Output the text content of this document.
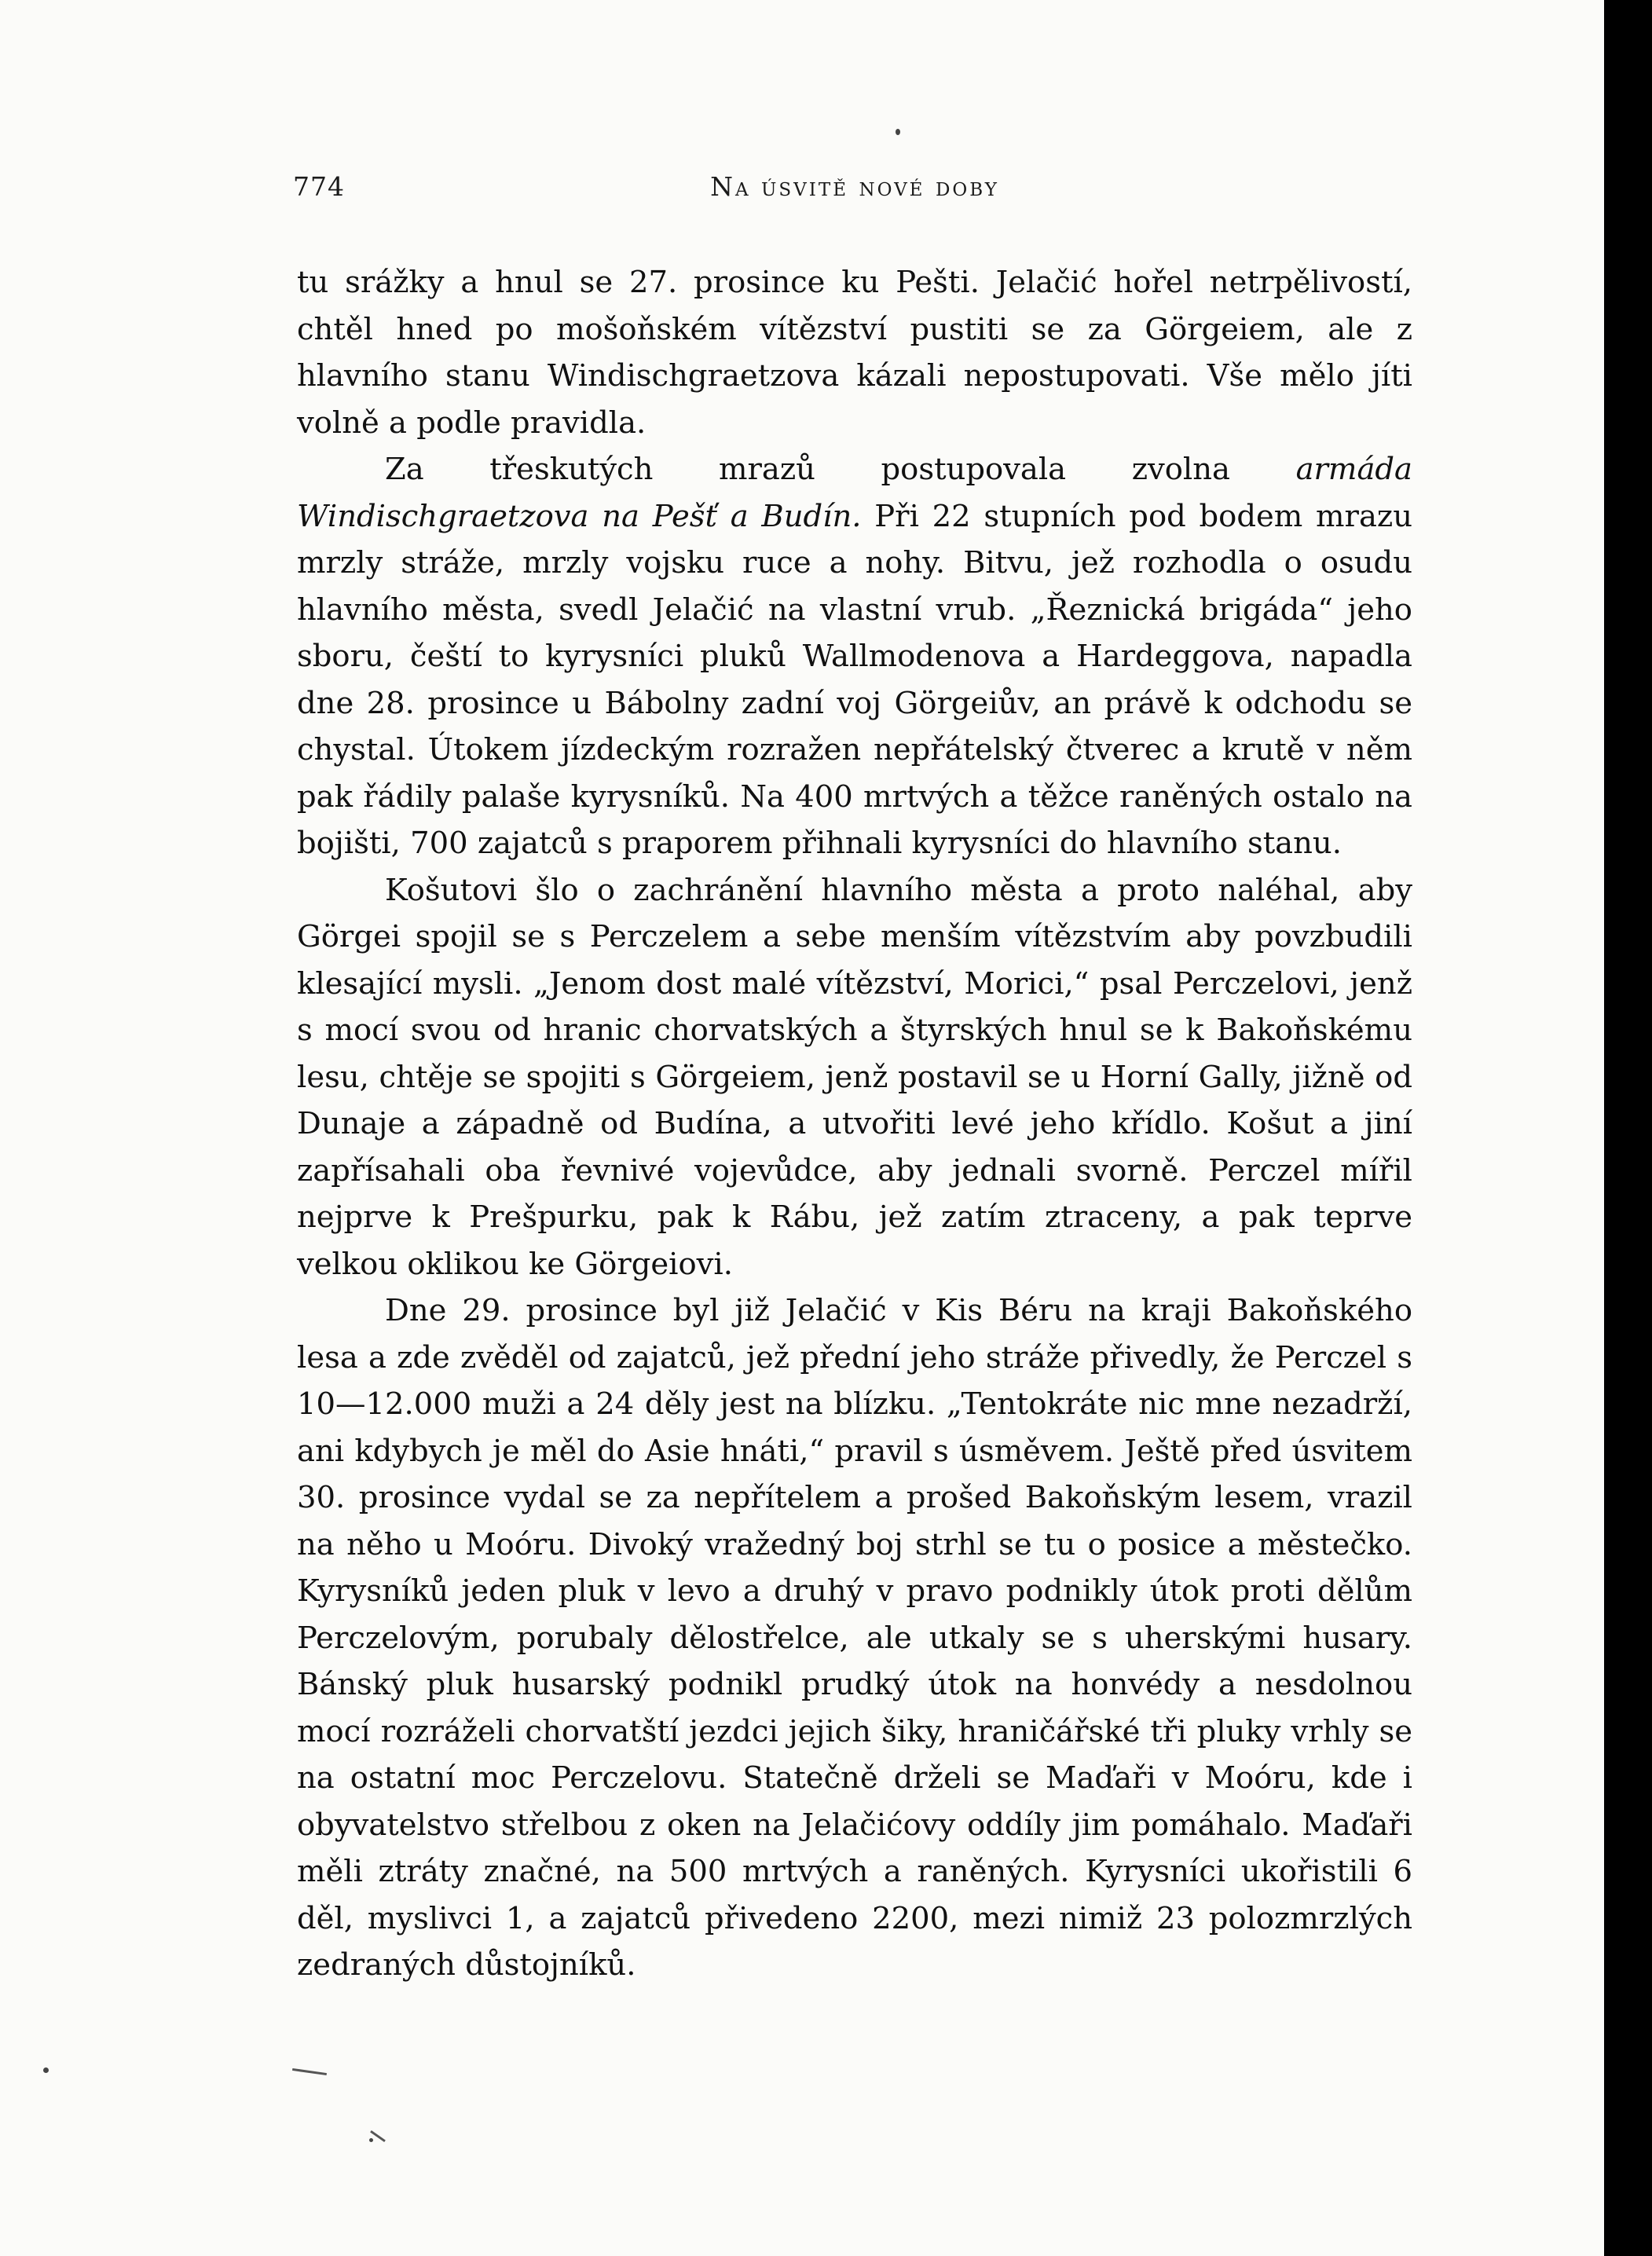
774	Na úsvitě nové doby

tu srážky a hnul se 27. prosince ku Pešti. Jelačić hořel netrpělivostí, chtěl hned po mošoňském vítězství pustiti se za Görgeiem, ale z hlavního stanu Windischgraetzova kázali nepostupovati. Vše mělo jíti volně a podle pravidla.

Za třeskutých mrazů postupovala zvolna armáda Windischgraetzova na Pešť a Budín. Při 22 stupních pod bodem mrazu mrzly stráže, mrzly vojsku ruce a nohy. Bitvu, jež rozhodla o osudu hlavního města, svedl Jelačić na vlastní vrub. „Řeznická brigáda“ jeho sboru, čeští to kyrysníci pluků Wallmodenova a Hardeggova, napadla dne 28. prosince u Bábolny zadní voj Görgeiův, an právě k odchodu se chystal. Útokem jízdeckým rozražen nepřátelský čtverec a krutě v něm pak řádily palaše kyrysníků. Na 400 mrtvých a těžce raněných ostalo na bojišti, 700 zajatců s praporem přihnali kyrysníci do hlavního stanu.

Košutovi šlo o zachránění hlavního města a proto naléhal, aby Görgei spojil se s Perczelem a sebe menším vítězstvím aby povzbudili klesající mysli. „Jenom dost malé vítězství, Morici,“ psal Perczelovi, jenž s mocí svou od hranic chorvatských a štyrských hnul se k Bakoňskému lesu, chtěje se spojiti s Görgeiem, jenž postavil se u Horní Gally, jižně od Dunaje a západně od Budína, a utvořiti levé jeho křídlo. Košut a jiní zapřísahali oba řevnivé vojevůdce, aby jednali svorně. Perczel mířil nejprve k Prešpurku, pak k Rábu, jež zatím ztraceny, a pak teprve velkou oklikou ke Görgeiovi.

Dne 29. prosince byl již Jelačić v Kis Béru na kraji Bakoňského lesa a zde zvěděl od zajatců, jež přední jeho stráže přivedly, že Perczel s 10—12.000 muži a 24 děly jest na blízku. „Tentokráte nic mne nezadrží, ani kdybych je měl do Asie hnáti,“ pravil s úsměvem. Ještě před úsvitem 30. prosince vydal se za nepřítelem a prošed Bakoňským lesem, vrazil na něho u Moóru. Divoký vražedný boj strhl se tu o posice a městečko. Kyrysníků jeden pluk v levo a druhý v pravo podnikly útok proti dělům Perczelovým, porubaly dělostřelce, ale utkaly se s uherskými husary. Bánský pluk husarský podnikl prudký útok na honvédy a nesdolnou mocí rozráželi chorvatští jezdci jejich šiky, hraničářské tři pluky vrhly se na ostatní moc Perczelovu. Statečně drželi se Maďaři v Moóru, kde i obyvatelstvo střelbou z oken na Jelačićovy oddíly jim pomáhalo. Maďaři měli ztráty značné, na 500 mrtvých a raněných. Kyrysníci ukořistili 6 děl, myslivci 1, a zajatců přivedeno 2200, mezi nimiž 23 polozmrzlých zedraných důstojníků.
